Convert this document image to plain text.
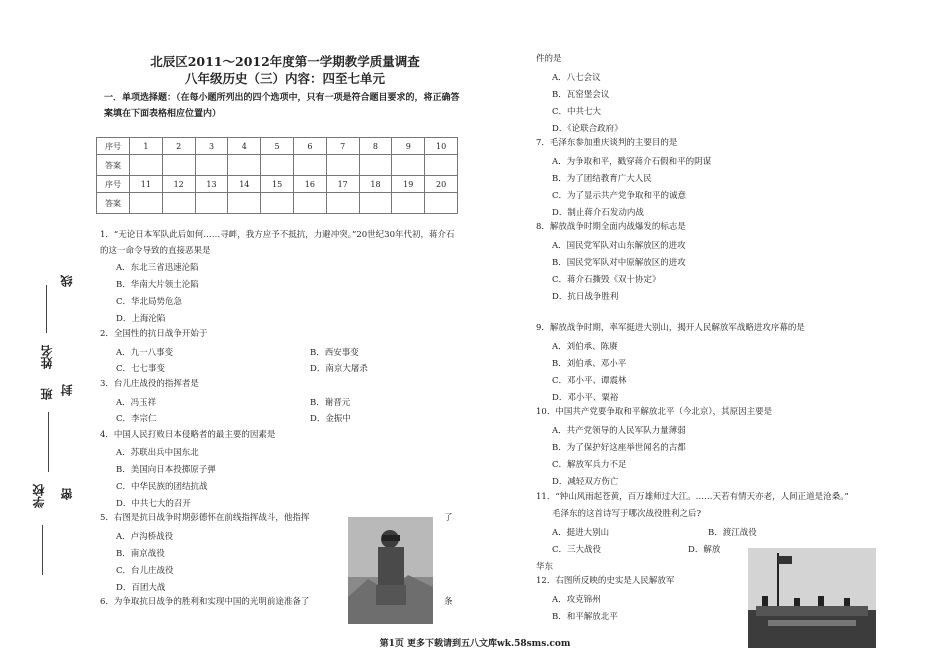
北辰区2011～2012年度第一学期教学质量调查
八年级历史（三）内容：四至七单元
一．单项选择题：（在每小题所列出的四个选项中，只有一项是符合题目要求的，将正确答案填在下面表格相应位置内）
序号	1	2	3	4	5	6	7	8	9	10
答案										
序号	11	12	13	14	15	16	17	18	19	20
答案										
学校
班
姓名
密
封
线
1．“无论日本军队此后如何……寻衅，我方应予不抵抗，力避冲突。”20世纪30年代初，蒋介石的这一命令导致的直接恶果是
A．东北三省迅速沦陷
B．华南大片领土沦陷
C．华北局势危急
D．上海沦陷
2．全国性的抗日战争开始于
A．九一八事变	B．西安事变
C．七七事变	D．南京大屠杀
3．台儿庄战役的指挥者是
A．冯玉祥	B．谢晋元
C．李宗仁	D．金振中
4．中国人民打败日本侵略者的最主要的因素是
A．苏联出兵中国东北
B．美国向日本投掷原子弹
C．中华民族的团结抗战
D．中共七大的召开
5．右图是抗日战争时期彭德怀在前线指挥战斗，他指挥	了
A．卢沟桥战役
B．南京战役
C．台儿庄战役
D．百团大战
6．为争取抗日战争的胜利和实现中国的光明前途准备了	条
件的是
A．八七会议
B．瓦窑堡会议
C．中共七大
D．《论联合政府》
7．毛泽东参加重庆谈判的主要目的是
A．为争取和平，戳穿蒋介石假和平的阴谋
B．为了团结教育广大人民
C．为了显示共产党争取和平的诚意
D．制止蒋介石发动内战
8．解放战争时期全面内战爆发的标志是
A．国民党军队对山东解放区的进攻
B．国民党军队对中原解放区的进攻
C．蒋介石撕毁《双十协定》
D．抗日战争胜利
9．解放战争时期，率军挺进大别山，揭开人民解放军战略进攻序幕的是
A．刘伯承、陈赓
B．刘伯承、邓小平
C．邓小平、谭震林
D．邓小平、粟裕
10．中国共产党要争取和平解放北平（今北京），其原因主要是
A．共产党领导的人民军队力量薄弱
B．为了保护好这座举世闻名的古都
C．解放军兵力不足
D．减轻双方伤亡
11．“钟山风雨起苍黄，百万雄师过大江。……天若有情天亦老，人间正道是沧桑。”
毛泽东的这首诗写于哪次战役胜利之后?
A．挺进大别山	B．渡江战役
C．三大战役	D．解放
华东
12．右图所反映的史实是人民解放军
A．攻克锦州
B．和平解放北平
第1页 更多下载请到五八文库wk.58sms.com
